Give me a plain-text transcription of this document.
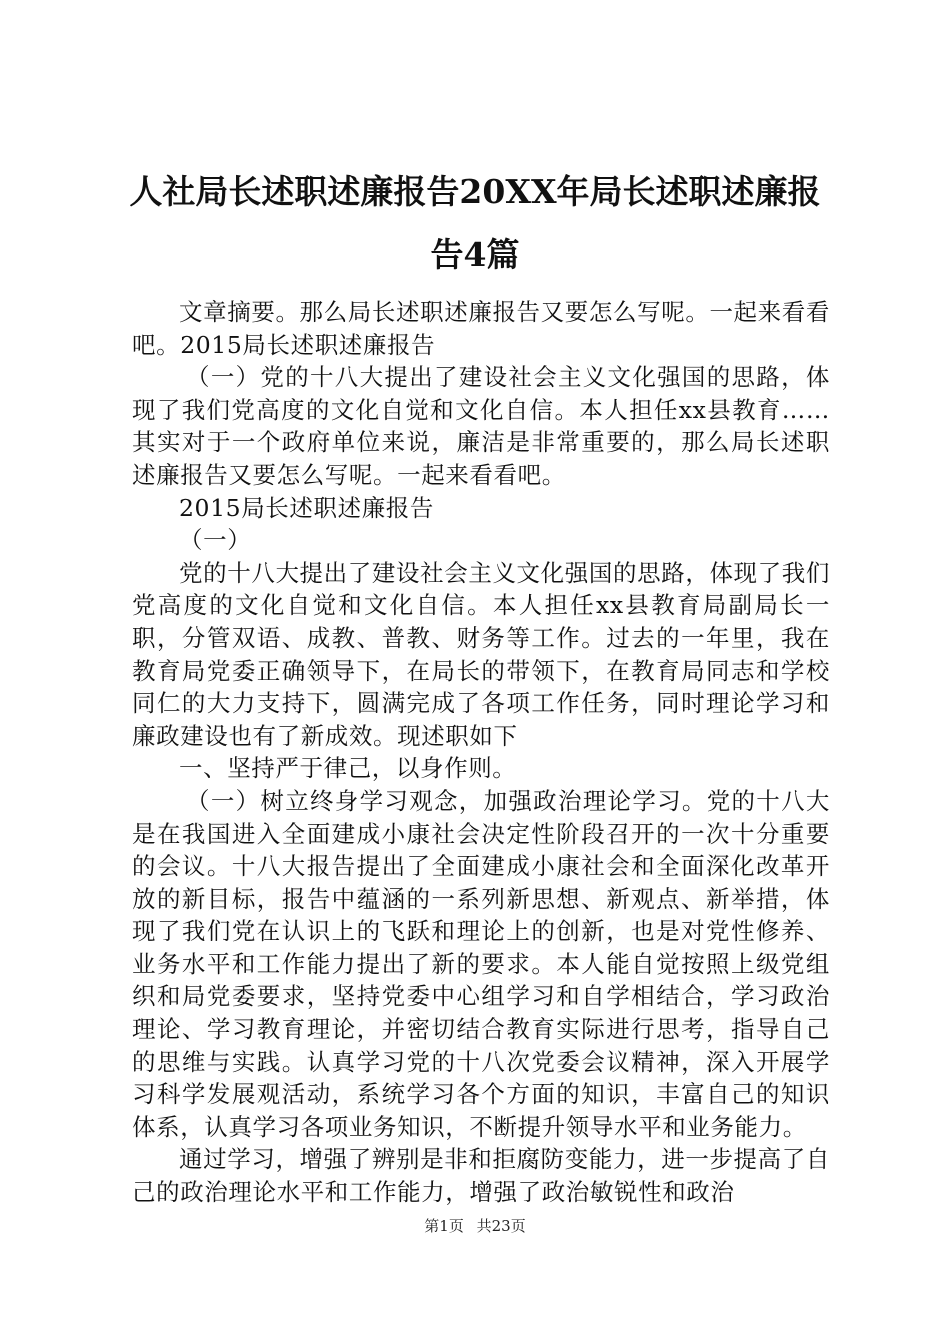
人社局长述职述廉报告20XX年局长述职述廉报告4篇

文章摘要。那么局长述职述廉报告又要怎么写呢。一起来看看吧。2015局长述职述廉报告

（一）党的十八大提出了建设社会主义文化强国的思路，体现了我们党高度的文化自觉和文化自信。本人担任xx县教育……其实对于一个政府单位来说，廉洁是非常重要的，那么局长述职述廉报告又要怎么写呢。一起来看看吧。

2015局长述职述廉报告

（一）

党的十八大提出了建设社会主义文化强国的思路，体现了我们党高度的文化自觉和文化自信。本人担任xx县教育局副局长一职，分管双语、成教、普教、财务等工作。过去的一年里，我在教育局党委正确领导下，在局长的带领下，在教育局同志和学校同仁的大力支持下，圆满完成了各项工作任务，同时理论学习和廉政建设也有了新成效。现述职如下

一、坚持严于律己，以身作则。

（一）树立终身学习观念，加强政治理论学习。党的十八大是在我国进入全面建成小康社会决定性阶段召开的一次十分重要的会议。十八大报告提出了全面建成小康社会和全面深化改革开放的新目标，报告中蕴涵的一系列新思想、新观点、新举措，体现了我们党在认识上的飞跃和理论上的创新，也是对党性修养、业务水平和工作能力提出了新的要求。本人能自觉按照上级党组织和局党委要求，坚持党委中心组学习和自学相结合，学习政治理论、学习教育理论，并密切结合教育实际进行思考，指导自己的思维与实践。认真学习党的十八次党委会议精神，深入开展学习科学发展观活动，系统学习各个方面的知识，丰富自己的知识体系，认真学习各项业务知识，不断提升领导水平和业务能力。

通过学习，增强了辨别是非和拒腐防变能力，进一步提高了自己的政治理论水平和工作能力，增强了政治敏锐性和政治

第1页 共23页
